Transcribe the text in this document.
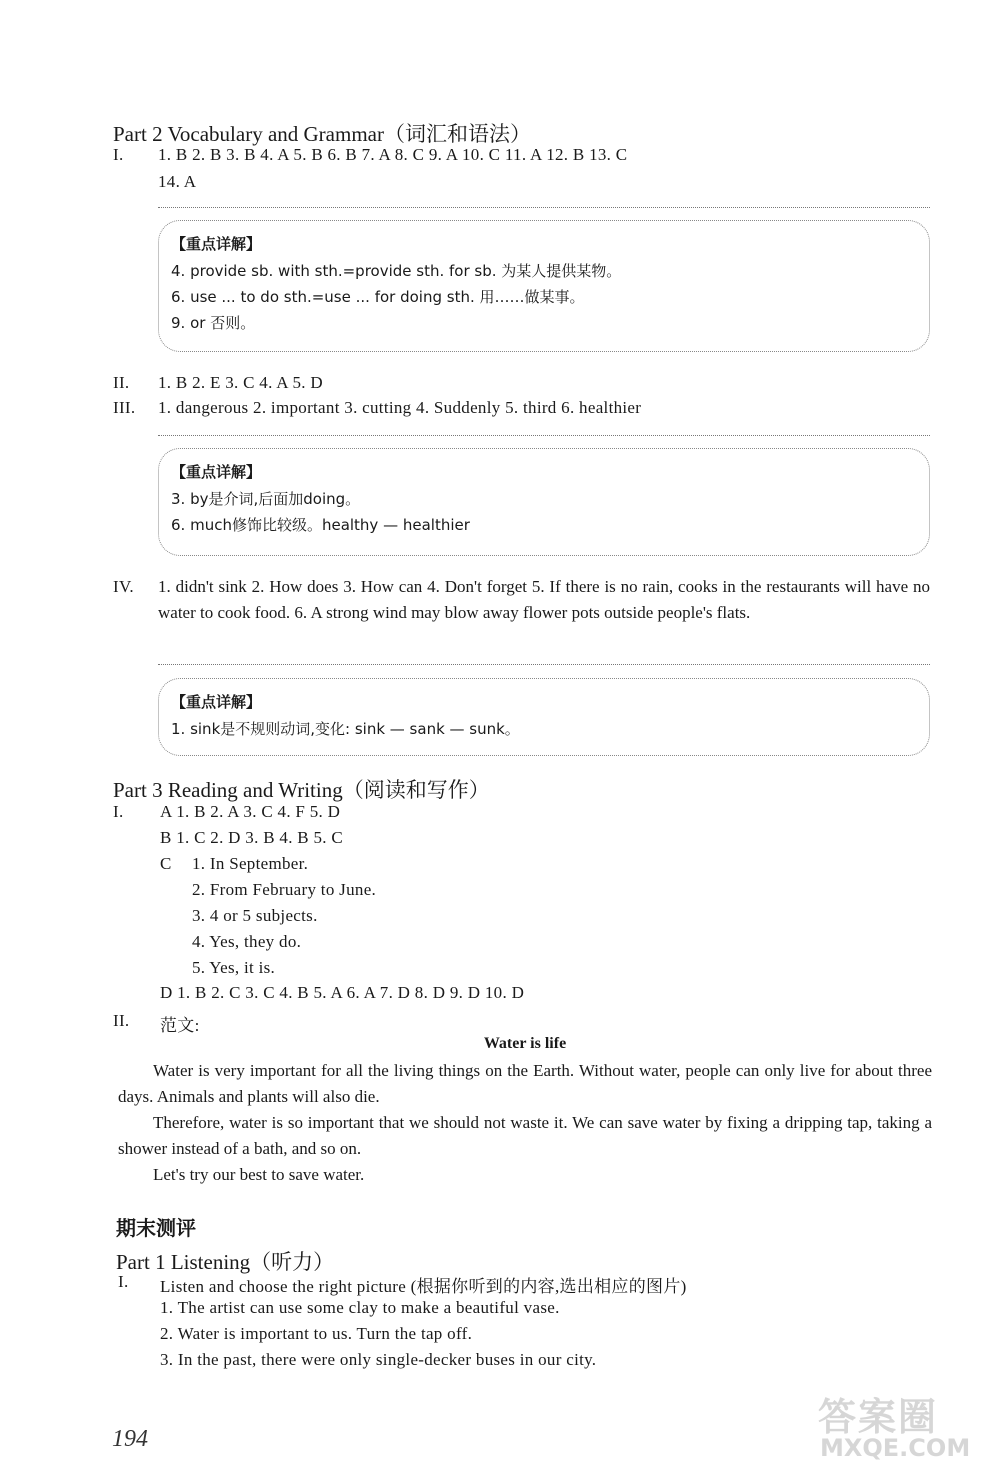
Part 2 Vocabulary and Grammar（词汇和语法）
I. 1. B 2. B 3. B 4. A 5. B 6. B 7. A 8. C 9. A 10. C 11. A 12. B 13. C
14. A
【重点详解】
4. provide sb. with sth.=provide sth. for sb. 为某人提供某物。
6. use ... to do sth.=use ... for doing sth. 用……做某事。
9. or 否则。
II. 1. B 2. E 3. C 4. A 5. D
III. 1. dangerous 2. important 3. cutting 4. Suddenly 5. third 6. healthier
【重点详解】
3. by是介词,后面加doing。
6. much修饰比较级。healthy — healthier
IV. 1. didn't sink 2. How does 3. How can 4. Don't forget 5. If there is no rain, cooks in the restaurants will have no water to cook food. 6. A strong wind may blow away flower pots outside people's flats.
【重点详解】
1. sink是不规则动词,变化: sink — sank — sunk。
Part 3 Reading and Writing（阅读和写作）
I. A 1. B 2. A 3. C 4. F 5. D
B 1. C 2. D 3. B 4. B 5. C
C 1. In September.
2. From February to June.
3. 4 or 5 subjects.
4. Yes, they do.
5. Yes, it is.
D 1. B 2. C 3. C 4. B 5. A 6. A 7. D 8. D 9. D 10. D
II. 范文:
Water is life
Water is very important for all the living things on the Earth. Without water, people can only live for about three days. Animals and plants will also die.
Therefore, water is so important that we should not waste it. We can save water by fixing a dripping tap, taking a shower instead of a bath, and so on.
Let's try our best to save water.
期末测评
Part 1 Listening（听力）
I. Listen and choose the right picture (根据你听到的内容,选出相应的图片)
1. The artist can use some clay to make a beautiful vase.
2. Water is important to us. Turn the tap off.
3. In the past, there were only single-decker buses in our city.
194	答案圈
MXQE.COM
